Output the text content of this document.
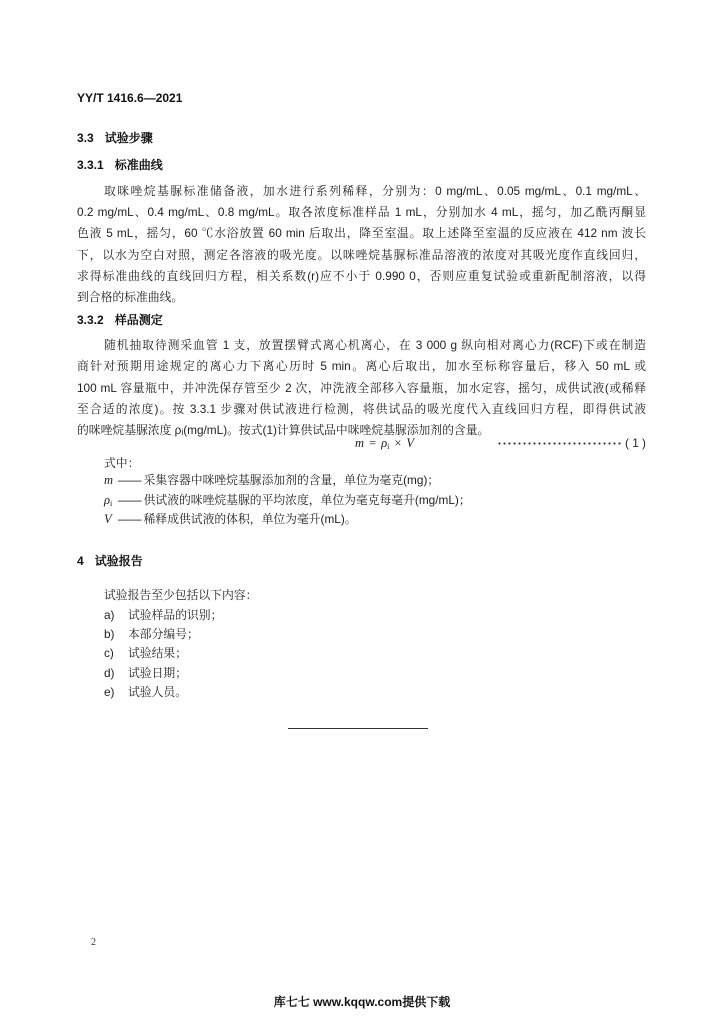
YY/T 1416.6—2021
3.3 试验步骤
3.3.1 标准曲线
取咪唑烷基脲标准储备液，加水进行系列稀释，分别为：0 mg/mL、0.05 mg/mL、0.1 mg/mL、
0.2 mg/mL、0.4 mg/mL、0.8 mg/mL。取各浓度标准样品 1 mL，分别加水 4 mL，摇匀，加乙酰丙酮显
色液 5 mL，摇匀，60 ℃水浴放置 60 min 后取出，降至室温。取上述降至室温的反应液在 412 nm 波长
下，以水为空白对照，测定各溶液的吸光度。以咪唑烷基脲标准品溶液的浓度对其吸光度作直线回归，
求得标准曲线的直线回归方程，相关系数(r)应不小于 0.990 0，否则应重复试验或重新配制溶液，以得
到合格的标准曲线。
3.3.2 样品测定
随机抽取待测采血管 1 支，放置摆臂式离心机离心，在 3 000 g 纵向相对离心力(RCF)下或在制造
商针对预期用途规定的离心力下离心历时 5 min。离心后取出，加水至标称容量后，移入 50 mL 或
100 mL 容量瓶中，并冲洗保存管至少 2 次，冲洗液全部移入容量瓶，加水定容，摇匀，成供试液(或稀释
至合适的浓度)。按 3.3.1 步骤对供试液进行检测，将供试品的吸光度代入直线回归方程，即得供试液
的咪唑烷基脲浓度 ρᵢ(mg/mL)。按式(1)计算供试品中咪唑烷基脲添加剂的含量。
$m = \rho_i \times V$	( 1 )
式中：
m —— 采集容器中咪唑烷基脲添加剂的含量，单位为毫克(mg)；
$\rho_i$ —— 供试液的咪唑烷基脲的平均浓度，单位为毫克每毫升(mg/mL)；
V —— 稀释成供试液的体积，单位为毫升(mL)。
4 试验报告
试验报告至少包括以下内容：
a) 试验样品的识别；
b) 本部分编号；
c) 试验结果；
d) 试验日期；
e) 试验人员。
2
库七七 www.kqqw.com提供下载
